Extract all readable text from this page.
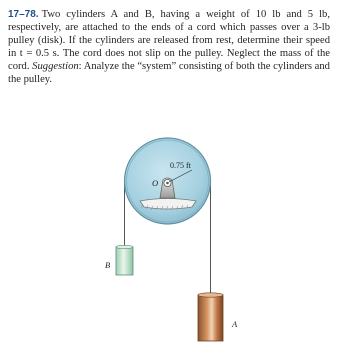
17–78. Two cylinders A and B, having a weight of 10 lb and 5 lb, respectively, are attached to the ends of a cord which passes over a 3-lb pulley (disk). If the cylinders are released from rest, determine their speed in t = 0.5 s. The cord does not slip on the pulley. Neglect the mass of the cord. Suggestion: Analyze the “system” consisting of both the cylinders and the pulley.

0.75 ft
O
B
A
